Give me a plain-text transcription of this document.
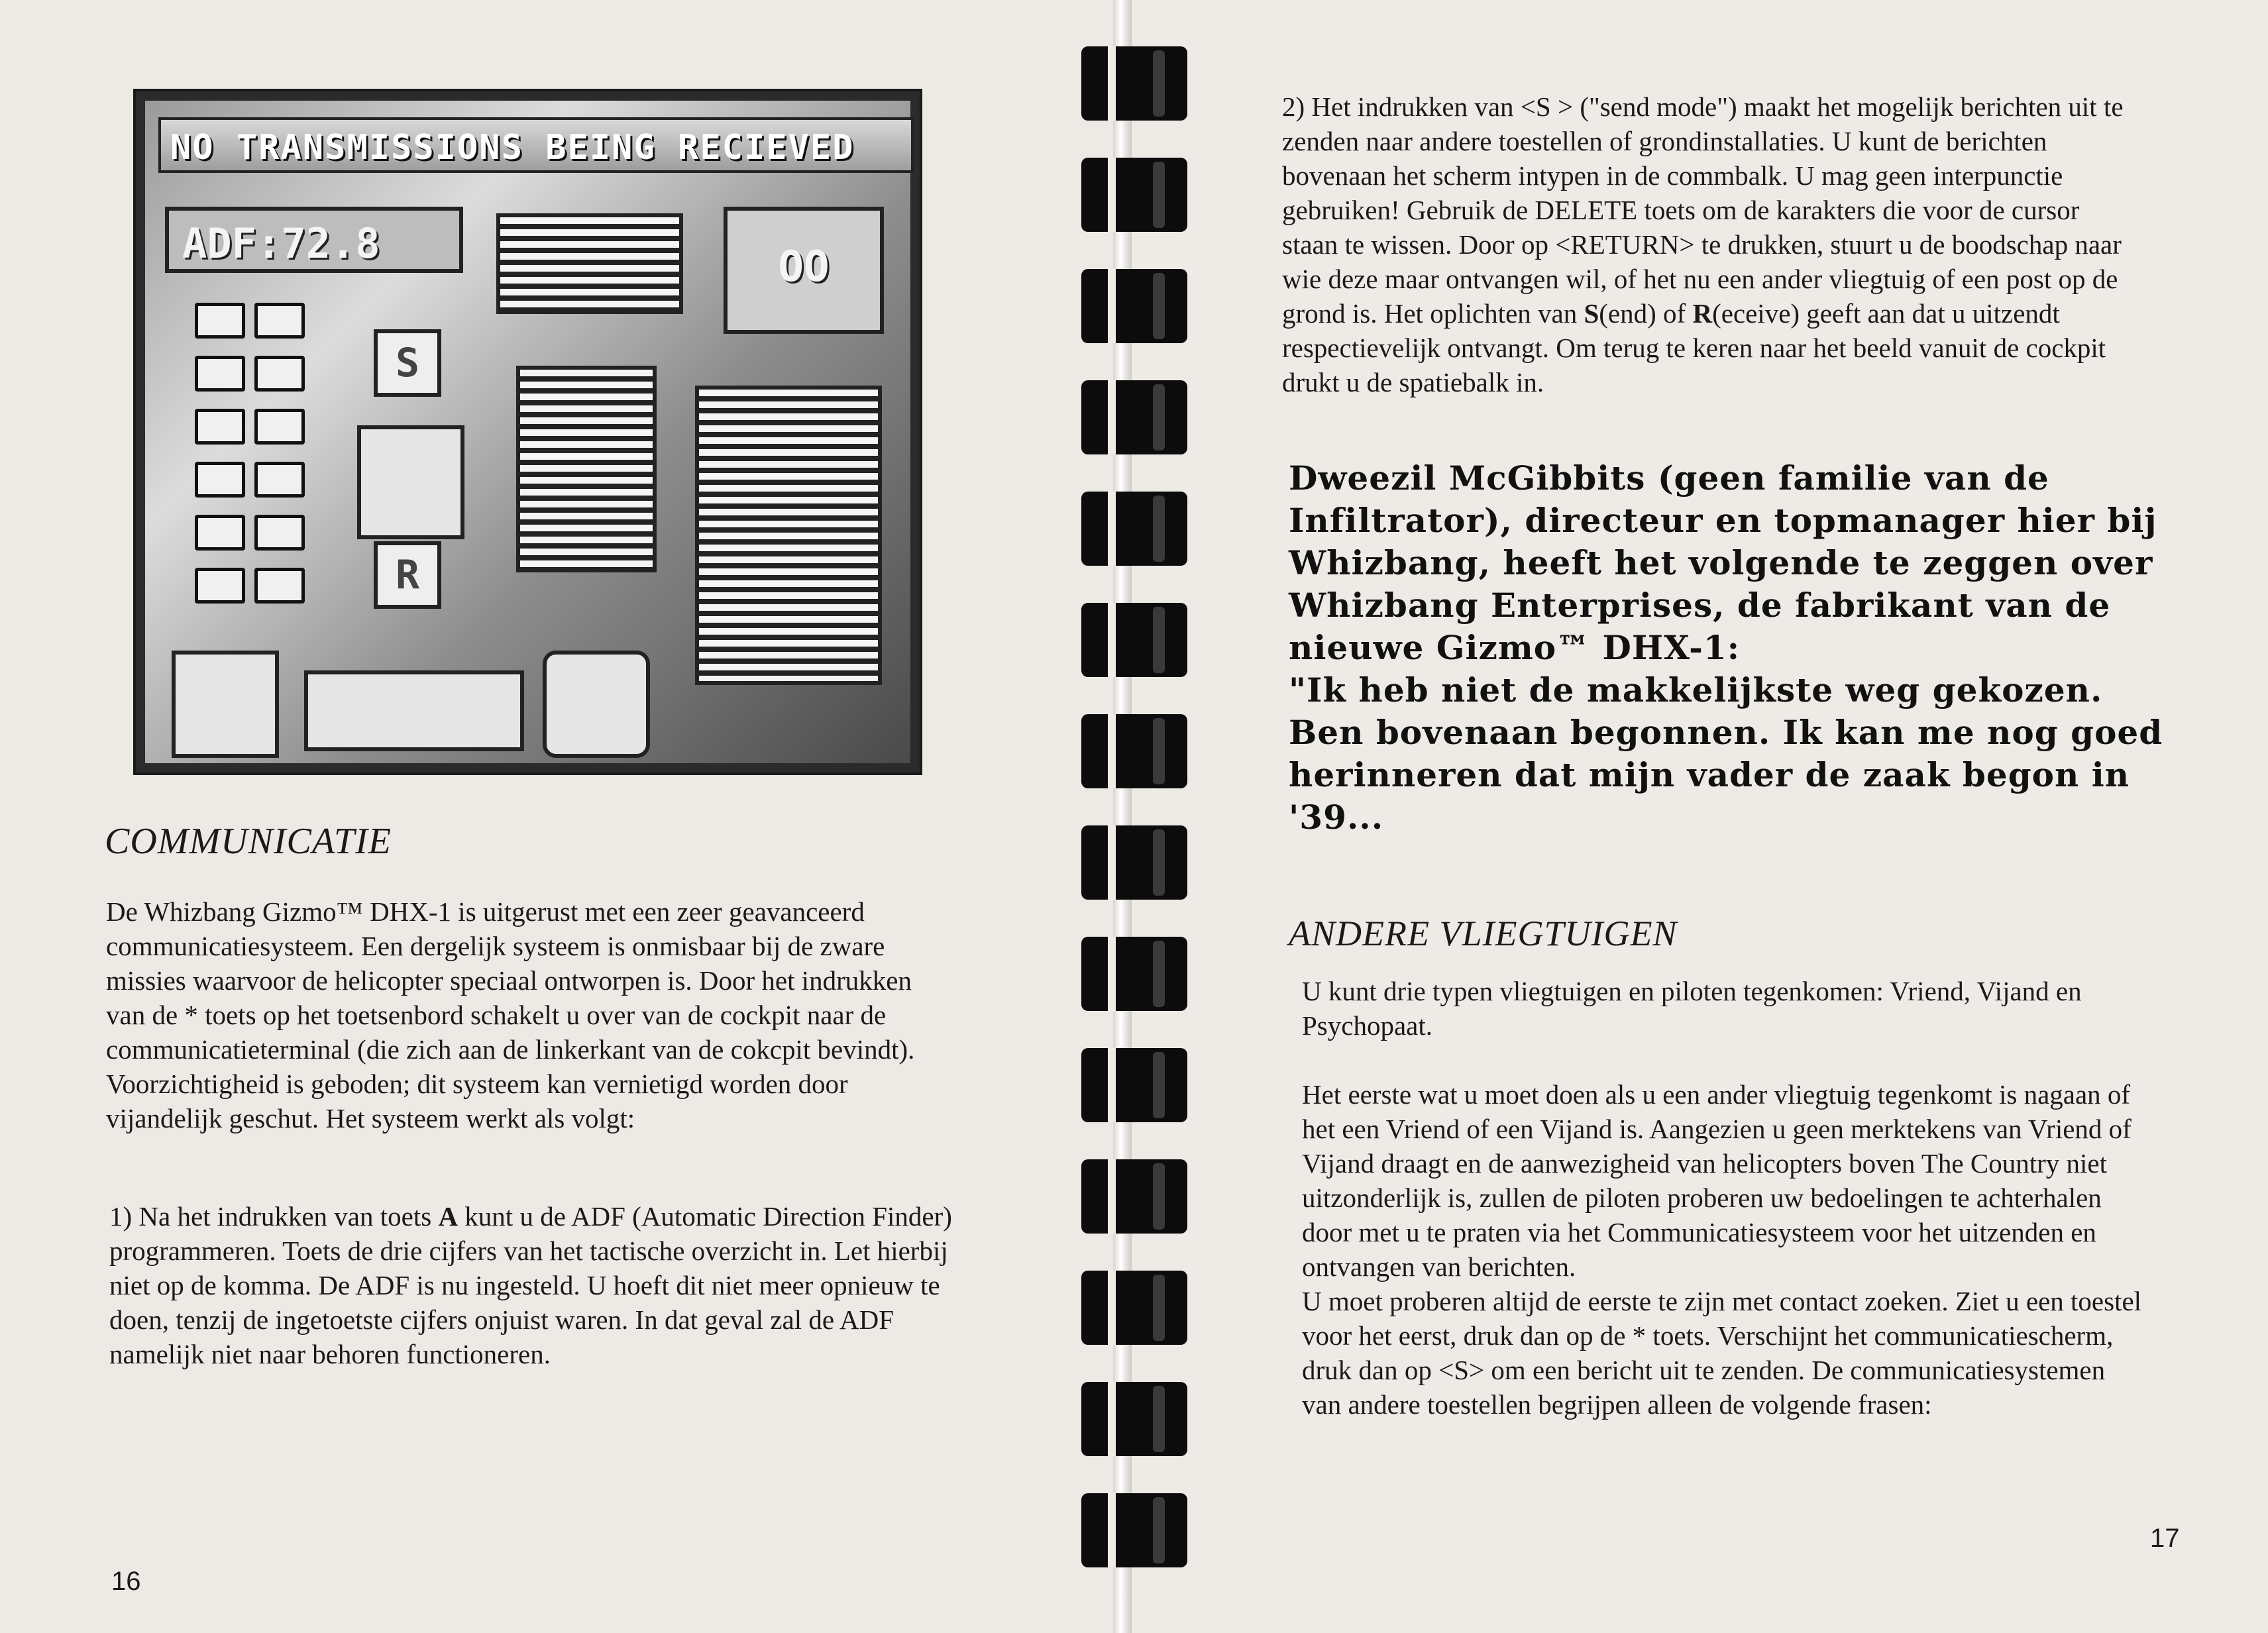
NO TRANSMISSIONS BEING RECIEVED
ADF:72.8	OO
S
R
COMMUNICATIE

De Whizbang Gizmo™ DHX-1 is uitgerust met een zeer geavanceerd communicatiesysteem. Een dergelijk systeem is onmisbaar bij de zware missies waarvoor de helicopter speciaal ontworpen is. Door het indrukken van de * toets op het toetsenbord schakelt u over van de cockpit naar de communicatieterminal (die zich aan de linkerkant van de cokcpit bevindt). Voorzichtigheid is geboden; dit systeem kan vernietigd worden door vijandelijk geschut. Het systeem werkt als volgt:

1) Na het indrukken van toets A kunt u de ADF (Automatic Direction Finder) programmeren. Toets de drie cijfers van het tactische overzicht in. Let hierbij niet op de komma. De ADF is nu ingesteld. U hoeft dit niet meer opnieuw te doen, tenzij de ingetoetste cijfers onjuist waren. In dat geval zal de ADF namelijk niet naar behoren functioneren.

16

2) Het indrukken van <S > ("send mode") maakt het mogelijk berichten uit te zenden naar andere toestellen of grondinstallaties. U kunt de berichten bovenaan het scherm intypen in de commbalk. U mag geen interpunctie gebruiken! Gebruik de DELETE toets om de karakters die voor de cursor staan te wissen. Door op <RETURN> te drukken, stuurt u de boodschap naar wie deze maar ontvangen wil, of het nu een ander vliegtuig of een post op de grond is. Het oplichten van S(end) of R(eceive) geeft aan dat u uitzendt respectievelijk ontvangt. Om terug te keren naar het beeld vanuit de cockpit drukt u de spatiebalk in.

Dweezil McGibbits (geen familie van de Infiltrator), directeur en topmanager hier bij Whizbang, heeft het volgende te zeggen over Whizbang Enterprises, de fabrikant van de nieuwe Gizmo™ DHX-1:

"Ik heb niet de makkelijkste weg gekozen. Ben bovenaan begonnen. Ik kan me nog goed herinneren dat mijn vader de zaak begon in '39...

ANDERE VLIEGTUIGEN

U kunt drie typen vliegtuigen en piloten tegenkomen: Vriend, Vijand en Psychopaat.

Het eerste wat u moet doen als u een ander vliegtuig tegenkomt is nagaan of het een Vriend of een Vijand is. Aangezien u geen merktekens van Vriend of Vijand draagt en de aanwezigheid van helicopters boven The Country niet uitzonderlijk is, zullen de piloten proberen uw bedoelingen te achterhalen door met u te praten via het Communicatiesysteem voor het uitzenden en ontvangen van berichten.

U moet proberen altijd de eerste te zijn met contact zoeken. Ziet u een toestel voor het eerst, druk dan op de * toets. Verschijnt het communicatiescherm, druk dan op <S> om een bericht uit te zenden. De communicatiesystemen van andere toestellen begrijpen alleen de volgende frasen:

17
